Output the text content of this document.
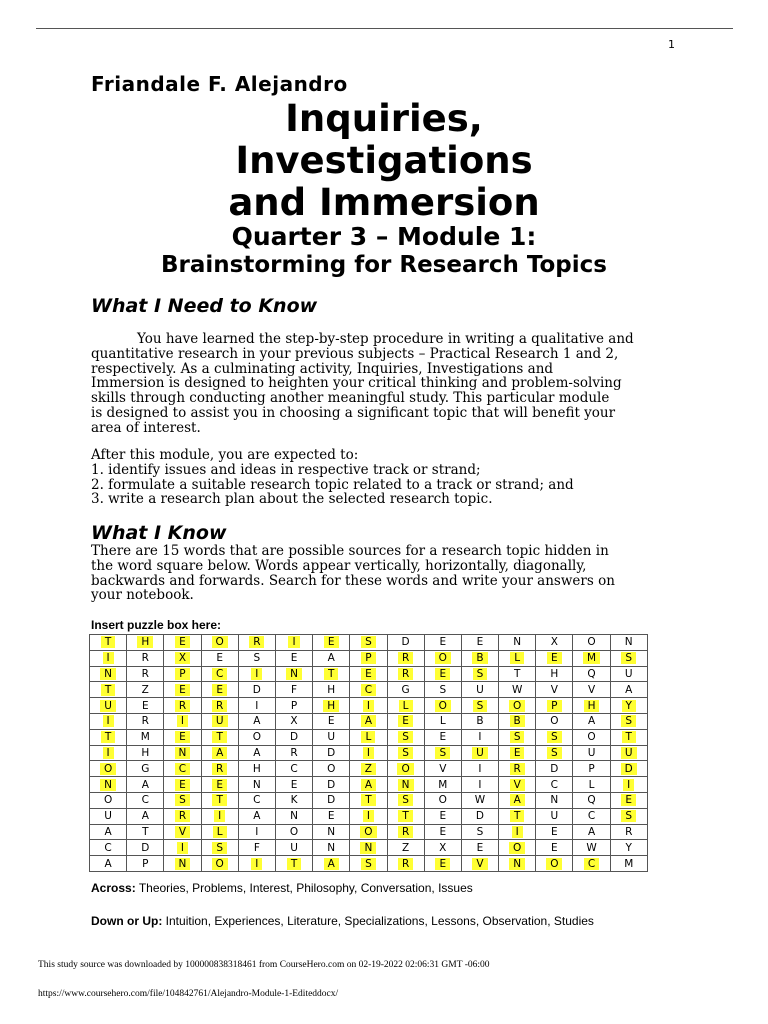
1
Friandale F. Alejandro
Inquiries,
Investigations
and Immersion
Quarter 3 – Module 1:
Brainstorming for Research Topics
What I Need to Know

You have learned the step-by-step procedure in writing a qualitative and

quantitative research in your previous subjects – Practical Research 1 and 2,

respectively. As a culminating activity, Inquiries, Investigations and

Immersion is designed to heighten your critical thinking and problem-solving

skills through conducting another meaningful study. This particular module

is designed to assist you in choosing a significant topic that will benefit your

area of interest.

After this module, you are expected to:

1. identify issues and ideas in respective track or strand;

2. formulate a suitable research topic related to a track or strand; and

3. write a research plan about the selected research topic.

What I Know

There are 15 words that are possible sources for a research topic hidden in

the word square below. Words appear vertically, horizontally, diagonally,

backwards and forwards. Search for these words and write your answers on

your notebook.

Insert puzzle box here:
T	H	E	O	R	I	E	S	D	E	E	N	X	O	N
I	R	X	E	S	E	A	P	R	O	B	L	E	M	S
N	R	P	C	I	N	T	E	R	E	S	T	H	Q	U
T	Z	E	E	D	F	H	C	G	S	U	W	V	V	A
U	E	R	R	I	P	H	I	L	O	S	O	P	H	Y
I	R	I	U	A	X	E	A	E	L	B	B	O	A	S
T	M	E	T	O	D	U	L	S	E	I	S	S	O	T
I	H	N	A	A	R	D	I	S	S	U	E	S	U	U
O	G	C	R	H	C	O	Z	O	V	I	R	D	P	D
N	A	E	E	N	E	D	A	N	M	I	V	C	L	I
O	C	S	T	C	K	D	T	S	O	W	A	N	Q	E
U	A	R	I	A	N	E	I	T	E	D	T	U	C	S
A	T	V	L	I	O	N	O	R	E	S	I	E	A	R
C	D	I	S	F	U	N	N	Z	X	E	O	E	W	Y
A	P	N	O	I	T	A	S	R	E	V	N	O	C	M
Across: Theories, Problems, Interest, Philosophy, Conversation, Issues
Down or Up: Intuition, Experiences, Literature, Specializations, Lessons, Observation, Studies
This study source was downloaded by 100000838318461 from CourseHero.com on 02-19-2022 02:06:31 GMT -06:00
https://www.coursehero.com/file/104842761/Alejandro-Module-1-Editeddocx/
